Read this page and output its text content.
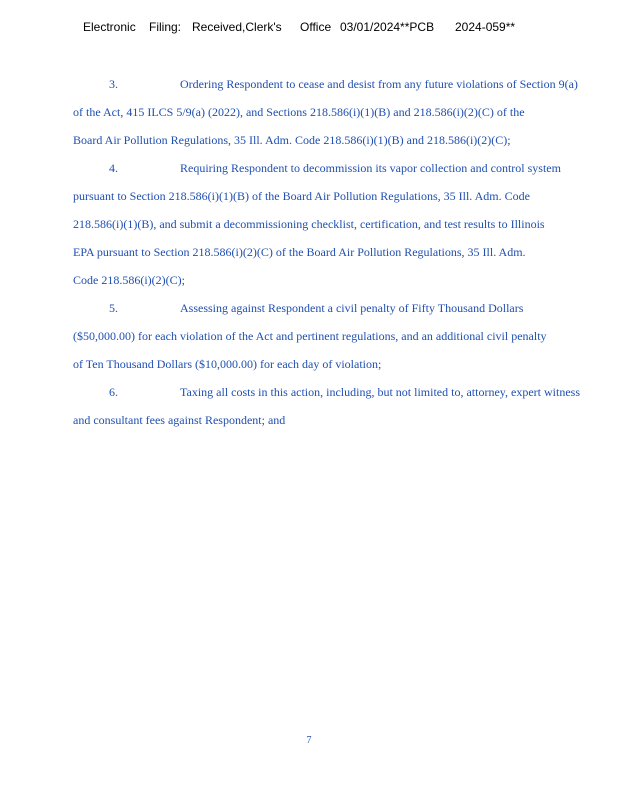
Electronic Filing: Received,Clerk's Office 03/01/2024**PCB 2024-059**
3.	Ordering Respondent to cease and desist from any future violations of Section 9(a)
of the Act, 415 ILCS 5/9(a) (2022), and Sections 218.586(i)(1)(B) and 218.586(i)(2)(C) of the
Board Air Pollution Regulations, 35 Ill. Adm. Code 218.586(i)(1)(B) and 218.586(i)(2)(C);
4.	Requiring Respondent to decommission its vapor collection and control system
pursuant to Section 218.586(i)(1)(B) of the Board Air Pollution Regulations, 35 Ill. Adm. Code
218.586(i)(1)(B), and submit a decommissioning checklist, certification, and test results to Illinois
EPA pursuant to Section 218.586(i)(2)(C) of the Board Air Pollution Regulations, 35 Ill. Adm.
Code 218.586(i)(2)(C);
5.	Assessing against Respondent a civil penalty of Fifty Thousand Dollars
($50,000.00) for each violation of the Act and pertinent regulations, and an additional civil penalty
of Ten Thousand Dollars ($10,000.00) for each day of violation;
6.	Taxing all costs in this action, including, but not limited to, attorney, expert witness
and consultant fees against Respondent; and
7
